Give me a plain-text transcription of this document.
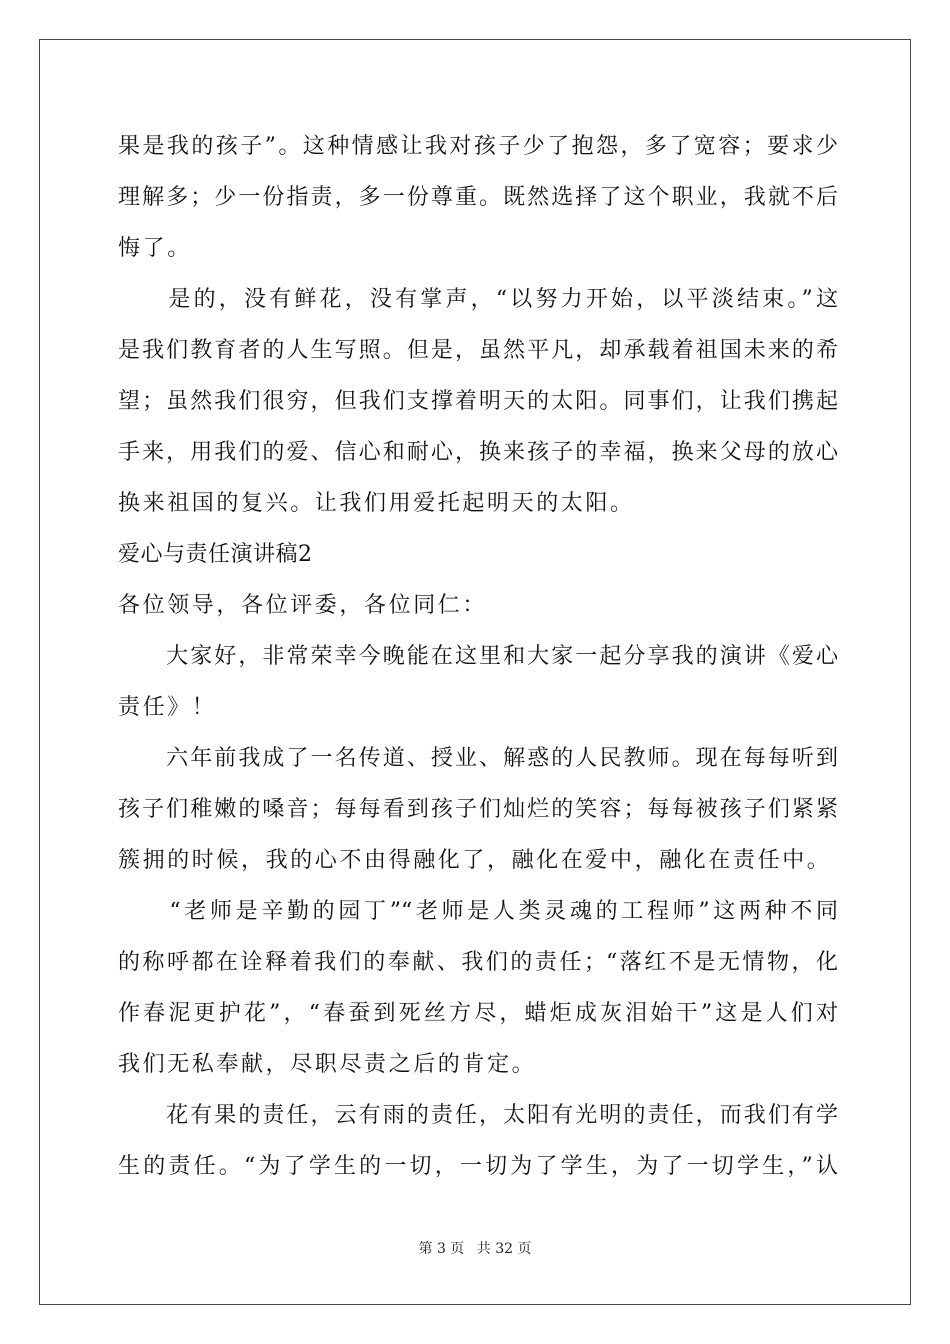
果是我的孩子”。这种情感让我对孩子少了抱怨，多了宽容；要求少
理解多；少一份指责，多一份尊重。既然选择了这个职业，我就不后
悔了。
　　是的，没有鲜花，没有掌声，“以努力开始，以平淡结束。”这
是我们教育者的人生写照。但是，虽然平凡，却承载着祖国未来的希
望；虽然我们很穷，但我们支撑着明天的太阳。同事们，让我们携起
手来，用我们的爱、信心和耐心，换来孩子的幸福，换来父母的放心
换来祖国的复兴。让我们用爱托起明天的太阳。
爱心与责任演讲稿2
各位领导，各位评委，各位同仁：
　　大家好，非常荣幸今晚能在这里和大家一起分享我的演讲《爱心
责任》！
　　六年前我成了一名传道、授业、解惑的人民教师。现在每每听到
孩子们稚嫩的嗓音；每每看到孩子们灿烂的笑容；每每被孩子们紧紧
簇拥的时候，我的心不由得融化了，融化在爱中，融化在责任中。
　　“老师是辛勤的园丁”“老师是人类灵魂的工程师”这两种不同
的称呼都在诠释着我们的奉献、我们的责任；“落红不是无情物，化
作春泥更护花”，“春蚕到死丝方尽，蜡炬成灰泪始干”这是人们对
我们无私奉献，尽职尽责之后的肯定。
　　花有果的责任，云有雨的责任，太阳有光明的责任，而我们有学
生的责任。“为了学生的一切，一切为了学生，为了一切学生，”认
第 3 页 共 32 页
